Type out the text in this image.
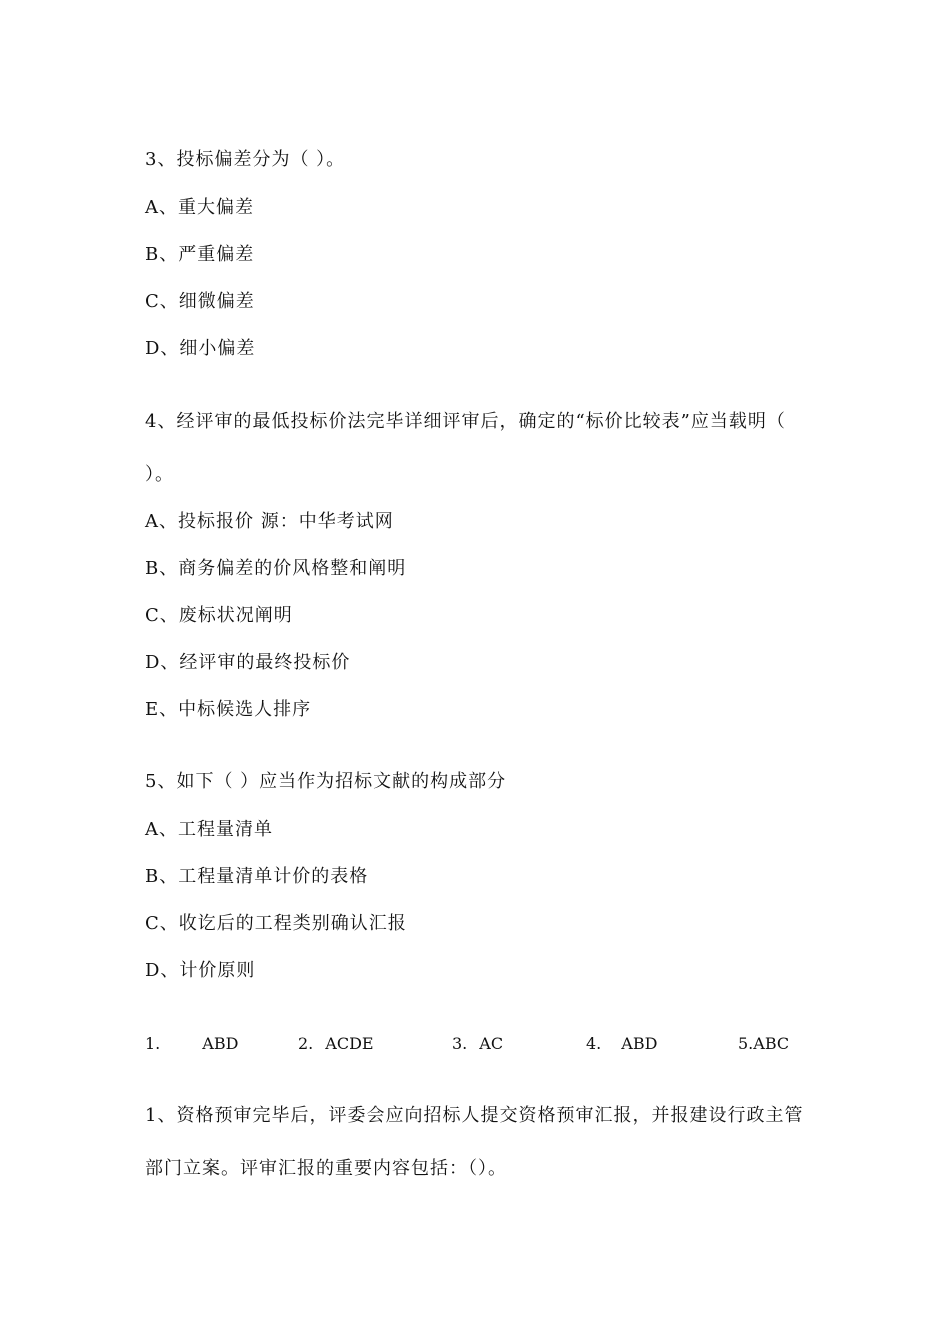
3、投标偏差分为（ ）。
A、重大偏差
B、严重偏差
C、细微偏差
D、细小偏差
4、经评审的最低投标价法完毕详细评审后，确定的“标价比较表”应当载明（
）。
A、投标报价 源：中华考试网
B、商务偏差的价风格整和阐明
C、废标状况阐明
D、经评审的最终投标价
E、中标候选人排序
5、如下（ ）应当作为招标文献的构成部分
A、工程量清单
B、工程量清单计价的表格
C、收讫后的工程类别确认汇报
D、计价原则
1.	ABD	2. ACDE	3. AC	4. ABD	5.ABC
1、资格预审完毕后，评委会应向招标人提交资格预审汇报，并报建设行政主管
部门立案。评审汇报的重要内容包括：（）。
